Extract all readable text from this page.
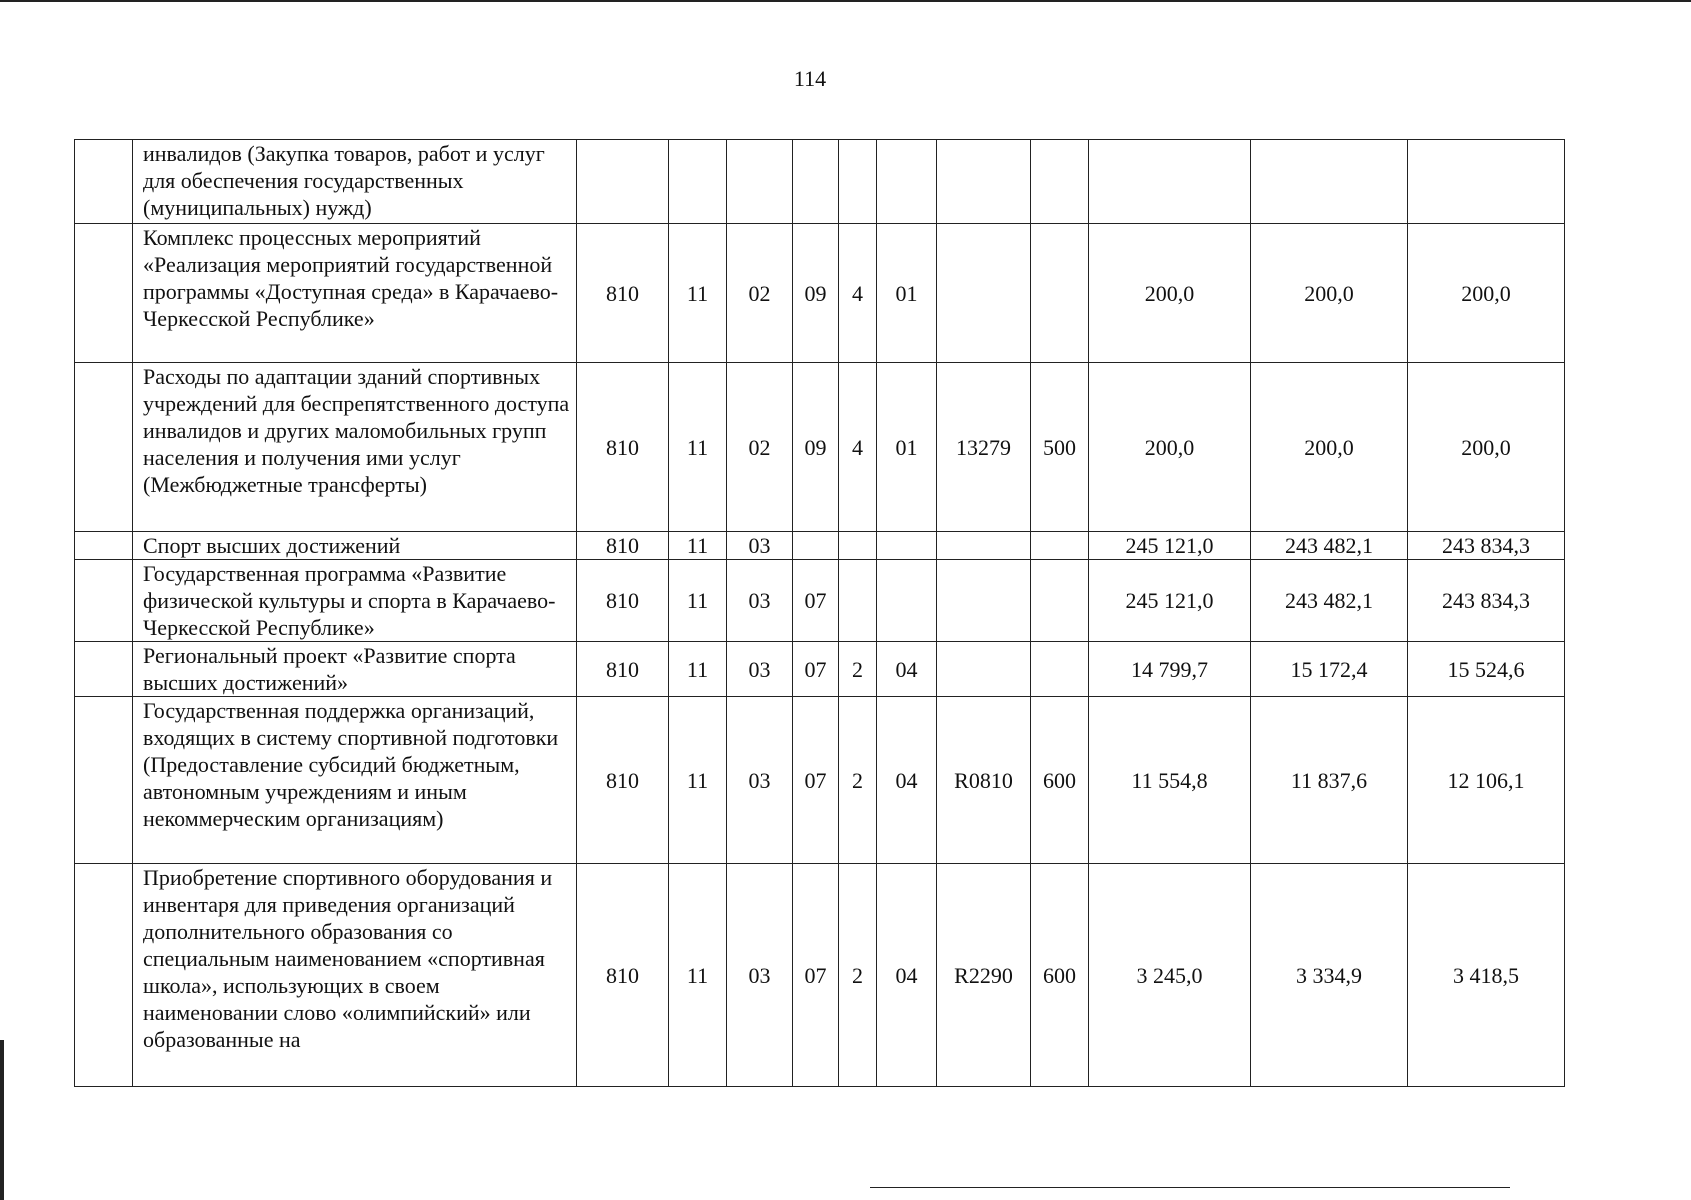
114
	инвалидов (Закупка товаров, работ и услуг для обеспечения государственных (муниципальных) нужд)											
	Комплекс процессных мероприятий «Реализация мероприятий государственной программы «Доступная среда» в Карачаево-Черкесской Республике»	810	11	02	09	4	01			200,0	200,0	200,0
	Расходы по адаптации зданий спортивных учреждений для беспрепятственного доступа инвалидов и других маломобильных групп населения и получения ими услуг (Межбюджетные трансферты)	810	11	02	09	4	01	13279	500	200,0	200,0	200,0
	Спорт высших достижений	810	11	03						245 121,0	243 482,1	243 834,3
	Государственная программа «Развитие физической культуры и спорта в Карачаево-Черкесской Республике»	810	11	03	07					245 121,0	243 482,1	243 834,3
	Региональный проект «Развитие спорта высших достижений»	810	11	03	07	2	04			14 799,7	15 172,4	15 524,6
	Государственная поддержка организаций, входящих в систему спортивной подготовки (Предоставление субсидий бюджетным, автономным учреждениям и иным некоммерческим организациям)	810	11	03	07	2	04	R0810	600	11 554,8	11 837,6	12 106,1
	Приобретение спортивного оборудования и инвентаря для приведения организаций дополнительного образования со специальным наименованием «спортивная школа», использующих в своем наименовании слово «олимпийский» или образованные на	810	11	03	07	2	04	R2290	600	3 245,0	3 334,9	3 418,5
